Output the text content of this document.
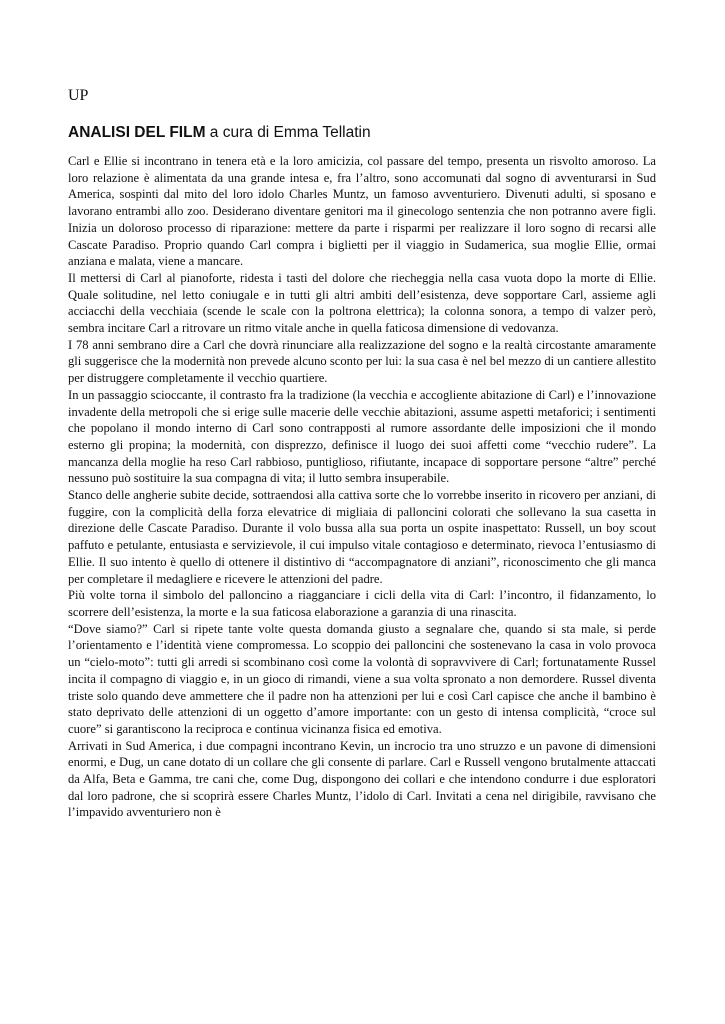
UP
ANALISI DEL FILM a cura di Emma Tellatin

Carl e Ellie si incontrano in tenera età e la loro amicizia, col passare del tempo, presenta un risvolto amoroso. La loro relazione è alimentata da una grande intesa e, fra l’altro, sono accomunati dal sogno di avventurarsi in Sud America, sospinti dal mito del loro idolo Charles Muntz, un famoso avventuriero. Divenuti adulti, si sposano e lavorano entrambi allo zoo. Desiderano diventare genitori ma il ginecologo sentenzia che non potranno avere figli. Inizia un doloroso processo di riparazione: mettere da parte i risparmi per realizzare il loro sogno di recarsi alle Cascate Paradiso. Proprio quando Carl compra i biglietti per il viaggio in Sudamerica, sua moglie Ellie, ormai anziana e malata, viene a mancare.

Il mettersi di Carl al pianoforte, ridesta i tasti del dolore che riecheggia nella casa vuota dopo la morte di Ellie. Quale solitudine, nel letto coniugale e in tutti gli altri ambiti dell’esistenza, deve sopportare Carl, assieme agli acciacchi della vecchiaia (scende le scale con la poltrona elettrica); la colonna sonora, a tempo di valzer però, sembra incitare Carl a ritrovare un ritmo vitale anche in quella faticosa dimensione di vedovanza.

I 78 anni sembrano dire a Carl che dovrà rinunciare alla realizzazione del sogno e la realtà circostante amaramente gli suggerisce che la modernità non prevede alcuno sconto per lui: la sua casa è nel bel mezzo di un cantiere allestito per distruggere completamente il vecchio quartiere.

In un passaggio scioccante, il contrasto fra la tradizione (la vecchia e accogliente abitazione di Carl) e l’innovazione invadente della metropoli che si erige sulle macerie delle vecchie abitazioni, assume aspetti metaforici; i sentimenti che popolano il mondo interno di Carl sono contrapposti al rumore assordante delle imposizioni che il mondo esterno gli propina; la modernità, con disprezzo, definisce il luogo dei suoi affetti come “vecchio rudere”. La mancanza della moglie ha reso Carl rabbioso, puntiglioso, rifiutante, incapace di sopportare persone “altre” perché nessuno può sostituire la sua compagna di vita; il lutto sembra insuperabile.

Stanco delle angherie subite decide, sottraendosi alla cattiva sorte che lo vorrebbe inserito in ricovero per anziani, di fuggire, con la complicità della forza elevatrice di migliaia di palloncini colorati che sollevano la sua casetta in direzione delle Cascate Paradiso. Durante il volo bussa alla sua porta un ospite inaspettato: Russell, un boy scout paffuto e petulante, entusiasta e servizievole, il cui impulso vitale contagioso e determinato, rievoca l’entusiasmo di Ellie. Il suo intento è quello di ottenere il distintivo di “accompagnatore di anziani”, riconoscimento che gli manca per completare il medagliere e ricevere le attenzioni del padre.

Più volte torna il simbolo del palloncino a riagganciare i cicli della vita di Carl: l’incontro, il fidanzamento, lo scorrere dell’esistenza, la morte e la sua faticosa elaborazione a garanzia di una rinascita.

“Dove siamo?” Carl si ripete tante volte questa domanda giusto a segnalare che, quando si sta male, si perde l’orientamento e l’identità viene compromessa. Lo scoppio dei palloncini che sostenevano la casa in volo provoca un “cielo-moto”: tutti gli arredi si scombinano così come la volontà di sopravvivere di Carl; fortunatamente Russel incita il compagno di viaggio e, in un gioco di rimandi, viene a sua volta spronato a non demordere. Russel diventa triste solo quando deve ammettere che il padre non ha attenzioni per lui e così Carl capisce che anche il bambino è stato deprivato delle attenzioni di un oggetto d’amore importante: con un gesto di intensa complicità, “croce sul cuore” si garantiscono la reciproca e continua vicinanza fisica ed emotiva.

Arrivati in Sud America, i due compagni incontrano Kevin, un incrocio tra uno struzzo e un pavone di dimensioni enormi, e Dug, un cane dotato di un collare che gli consente di parlare. Carl e Russell vengono brutalmente attaccati da Alfa, Beta e Gamma, tre cani che, come Dug, dispongono dei collari e che intendono condurre i due esploratori dal loro padrone, che si scoprirà essere Charles Muntz, l’idolo di Carl. Invitati a cena nel dirigibile, ravvisano che l’impavido avventuriero non è
